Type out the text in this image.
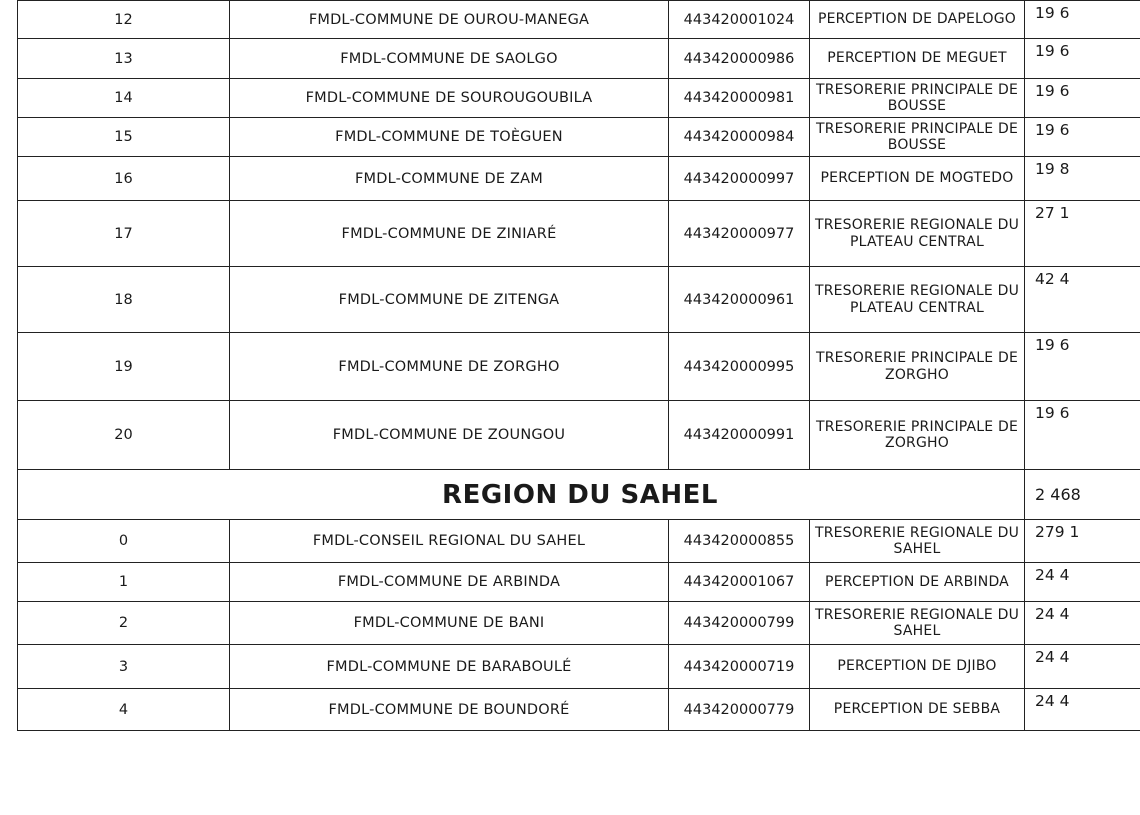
12	FMDL-COMMUNE DE OUROU-MANEGA	443420001024	PERCEPTION DE DAPELOGO	19 6
13	FMDL-COMMUNE DE SAOLGO	443420000986	PERCEPTION DE MEGUET	19 6
14	FMDL-COMMUNE DE SOUROUGOUBILA	443420000981	TRESORERIE PRINCIPALE DE BOUSSE	19 6
15	FMDL-COMMUNE DE TOÈGUEN	443420000984	TRESORERIE PRINCIPALE DE BOUSSE	19 6
16	FMDL-COMMUNE DE ZAM	443420000997	PERCEPTION DE MOGTEDO	19 8
17	FMDL-COMMUNE DE ZINIARÉ	443420000977	TRESORERIE REGIONALE DU PLATEAU CENTRAL	27 1
18	FMDL-COMMUNE DE ZITENGA	443420000961	TRESORERIE REGIONALE DU PLATEAU CENTRAL	42 4
19	FMDL-COMMUNE DE ZORGHO	443420000995	TRESORERIE PRINCIPALE DE ZORGHO	19 6
20	FMDL-COMMUNE DE ZOUNGOU	443420000991	TRESORERIE PRINCIPALE DE ZORGHO	19 6
REGION DU SAHEL				2 468
0	FMDL-CONSEIL REGIONAL DU SAHEL	443420000855	TRESORERIE REGIONALE DU SAHEL	279 1
1	FMDL-COMMUNE DE ARBINDA	443420001067	PERCEPTION DE ARBINDA	24 4
2	FMDL-COMMUNE DE BANI	443420000799	TRESORERIE REGIONALE DU SAHEL	24 4
3	FMDL-COMMUNE DE BARABOULÉ	443420000719	PERCEPTION DE DJIBO	24 4
4	FMDL-COMMUNE DE BOUNDORÉ	443420000779	PERCEPTION DE SEBBA	24 4
